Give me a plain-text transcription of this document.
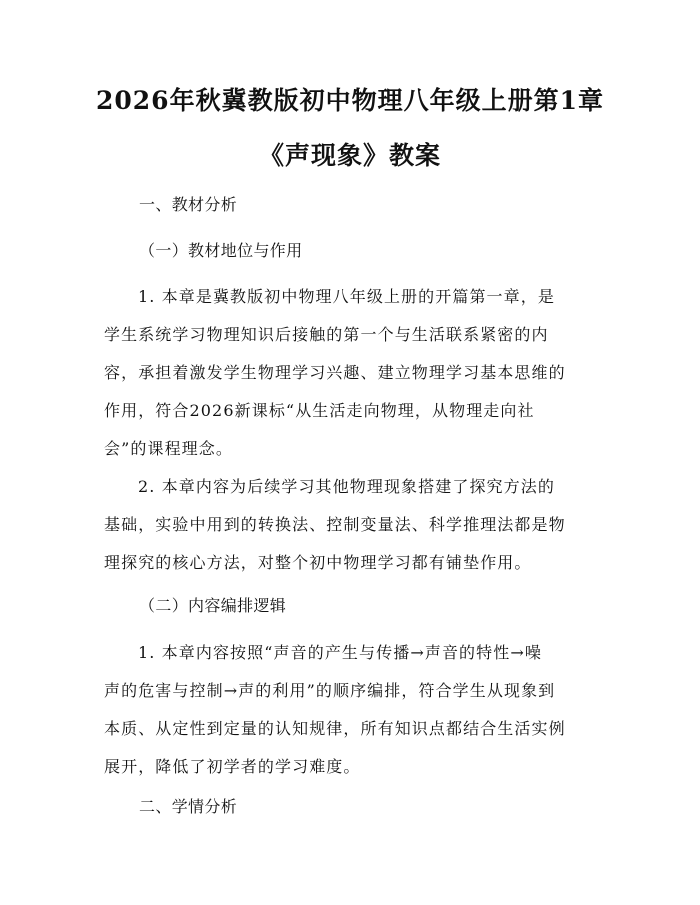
2026年秋冀教版初中物理八年级上册第1章
《声现象》教案
一、教材分析
（一）教材地位与作用
1. 本章是冀教版初中物理八年级上册的开篇第一章，是
学生系统学习物理知识后接触的第一个与生活联系紧密的内
容，承担着激发学生物理学习兴趣、建立物理学习基本思维的
作用，符合2026新课标“从生活走向物理，从物理走向社
会”的课程理念。
2. 本章内容为后续学习其他物理现象搭建了探究方法的
基础，实验中用到的转换法、控制变量法、科学推理法都是物
理探究的核心方法，对整个初中物理学习都有铺垫作用。
（二）内容编排逻辑
1. 本章内容按照“声音的产生与传播→声音的特性→噪
声的危害与控制→声的利用”的顺序编排，符合学生从现象到
本质、从定性到定量的认知规律，所有知识点都结合生活实例
展开，降低了初学者的学习难度。
二、学情分析
